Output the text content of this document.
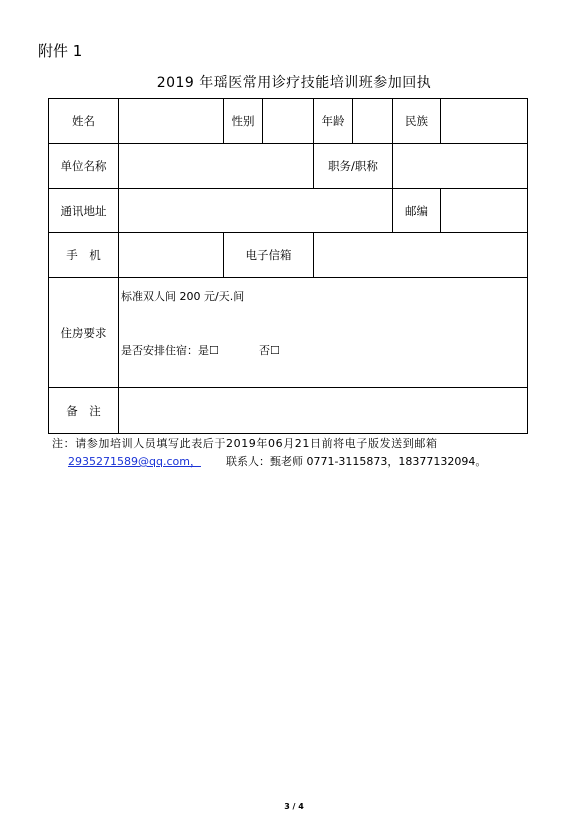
附件 1
2019 年瑶医常用诊疗技能培训班参加回执
姓名	性别	年龄	民族
单位名称	职务/职称
通讯地址	邮编
手　机	电子信箱
住房要求
标准双人间 200 元/天.间
是否安排住宿：是☐	否☐
备　注
注：请参加培训人员填写此表后于2019年06月21日前将电子版发送到邮箱
2935271589@qq.com， 联系人：甄老师 0771-3115873，18377132094。
3 / 4
